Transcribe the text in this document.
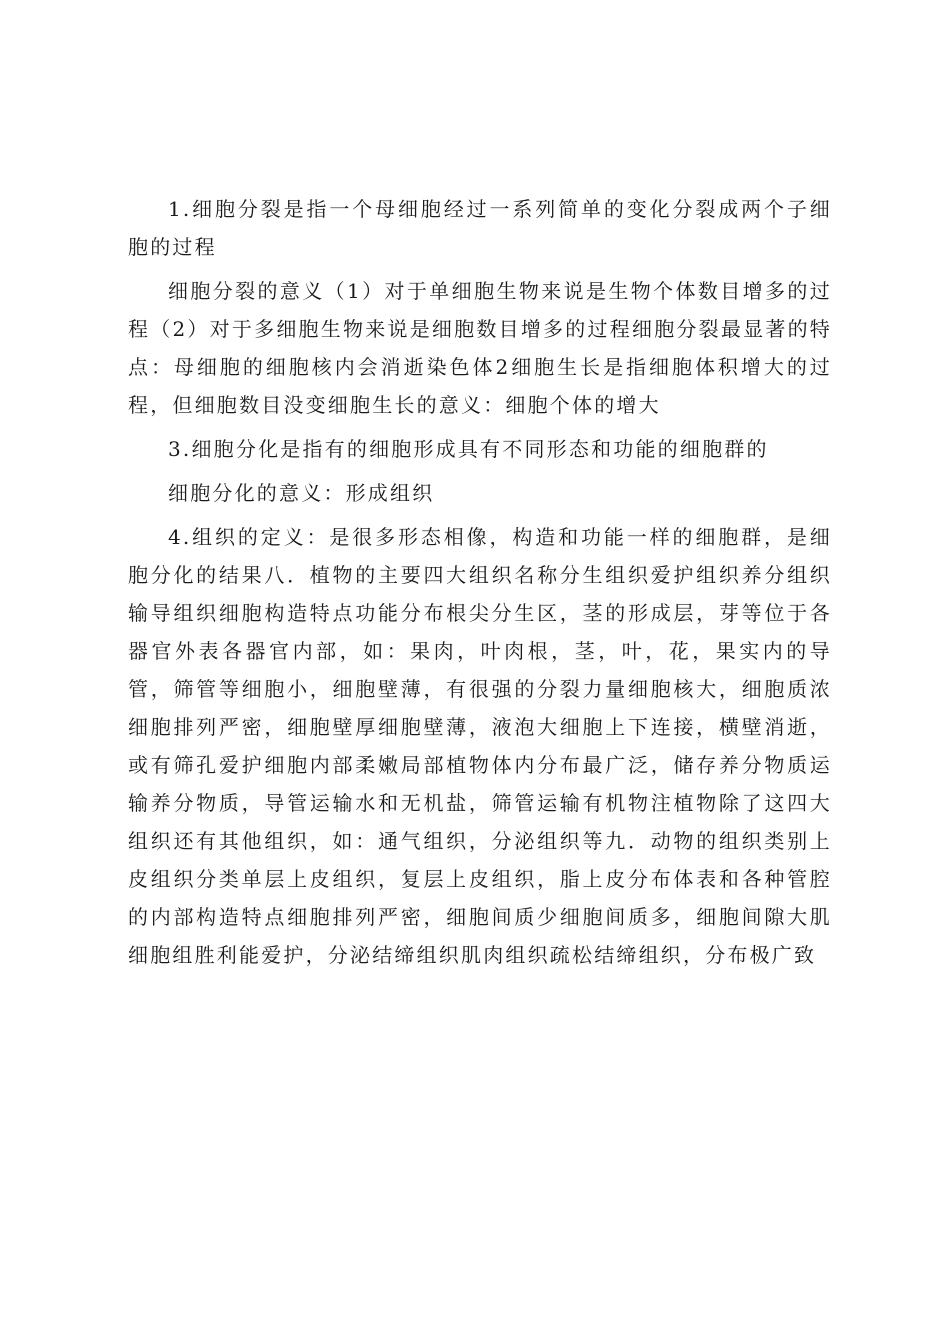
1.细胞分裂是指一个母细胞经过一系列简单的变化分裂成两个子细胞的过程

细胞分裂的意义（1）对于单细胞生物来说是生物个体数目增多的过程（2）对于多细胞生物来说是细胞数目增多的过程细胞分裂最显著的特点：母细胞的细胞核内会消逝染色体2细胞生长是指细胞体积增大的过程，但细胞数目没变细胞生长的意义：细胞个体的增大

3.细胞分化是指有的细胞形成具有不同形态和功能的细胞群的

细胞分化的意义：形成组织

4.组织的定义：是很多形态相像，构造和功能一样的细胞群，是细胞分化的结果八．植物的主要四大组织名称分生组织爱护组织养分组织输导组织细胞构造特点功能分布根尖分生区，茎的形成层，芽等位于各器官外表各器官内部，如：果肉，叶肉根，茎，叶，花，果实内的导管，筛管等细胞小，细胞壁薄，有很强的分裂力量细胞核大，细胞质浓细胞排列严密，细胞壁厚细胞壁薄，液泡大细胞上下连接，横壁消逝，或有筛孔爱护细胞内部柔嫩局部植物体内分布最广泛，储存养分物质运输养分物质，导管运输水和无机盐，筛管运输有机物注植物除了这四大组织还有其他组织，如：通气组织，分泌组织等九．动物的组织类别上皮组织分类单层上皮组织，复层上皮组织，脂上皮分布体表和各种管腔的内部构造特点细胞排列严密，细胞间质少细胞间质多，细胞间隙大肌细胞组胜利能爱护，分泌结缔组织肌肉组织疏松结缔组织，分布极广致
